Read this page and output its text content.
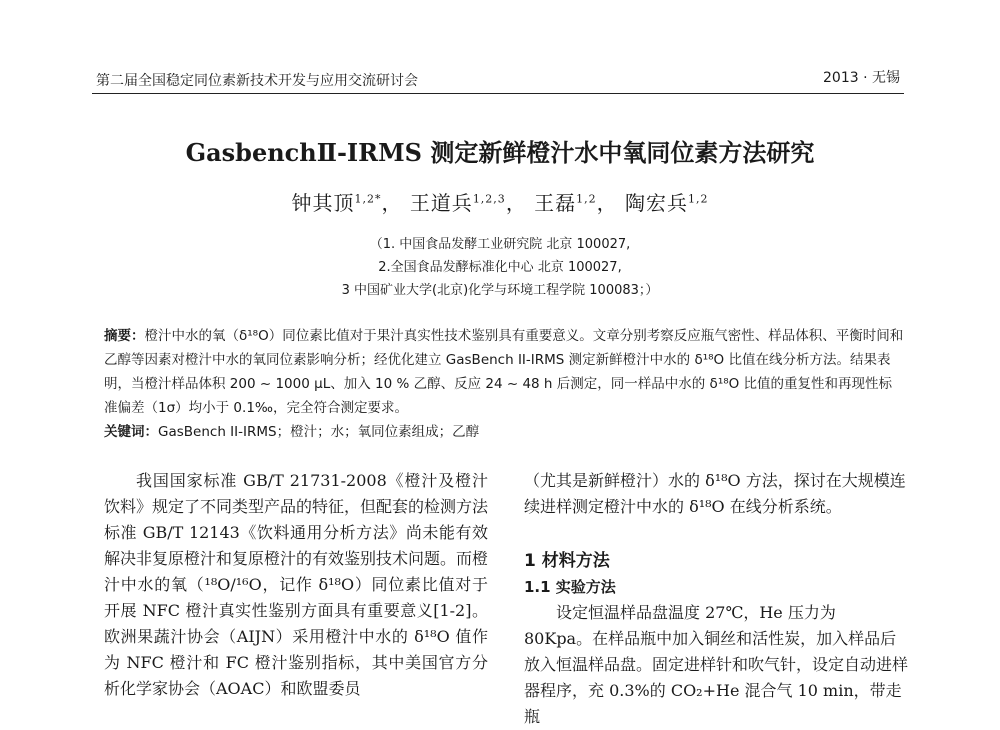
第二届全国稳定同位素新技术开发与应用交流研讨会	2013 · 无锡
GasbenchⅡ-IRMS 测定新鲜橙汁水中氧同位素方法研究
钟其顶$^{1,2*}$， 王道兵$^{1,2,3}$， 王磊$^{1,2}$， 陶宏兵$^{1,2}$
（1. 中国食品发酵工业研究院 北京 100027,
2.全国食品发酵标准化中心 北京 100027,
3 中国矿业大学(北京)化学与环境工程学院 100083；）

摘要：橙汁中水的氧（δ¹⁸O）同位素比值对于果汁真实性技术鉴别具有重要意义。文章分别考察反应瓶气密性、样品体积、平衡时间和乙醇等因素对橙汁中水的氧同位素影响分析；经优化建立 GasBench II-IRMS 测定新鲜橙汁中水的 δ¹⁸O 比值在线分析方法。结果表明，当橙汁样品体积 200 ~ 1000 μL、加入 10 % 乙醇、反应 24 ~ 48 h 后测定，同一样品中水的 δ¹⁸O 比值的重复性和再现性标准偏差（1σ）均小于 0.1‰，完全符合测定要求。

关键词：GasBench II-IRMS；橙汁；水；氧同位素组成；乙醇

我国国家标准 GB/T 21731-2008《橙汁及橙汁饮料》规定了不同类型产品的特征，但配套的检测方法标准 GB/T 12143《饮料通用分析方法》尚未能有效解决非复原橙汁和复原橙汁的有效鉴别技术问题。而橙汁中水的氧（¹⁸O/¹⁶O，记作 δ¹⁸O）同位素比值对于开展 NFC 橙汁真实性鉴别方面具有重要意义[1-2]。欧洲果蔬汁协会（AIJN）采用橙汁中水的 δ¹⁸O 值作为 NFC 橙汁和 FC 橙汁鉴别指标，其中美国官方分析化学家协会（AOAC）和欧盟委员

（尤其是新鲜橙汁）水的 δ¹⁸O 方法，探讨在大规模连续进样测定橙汁中水的 δ¹⁸O 在线分析系统。

1 材料方法

1.1 实验方法

设定恒温样品盘温度 27℃，He 压力为 80Kpa。在样品瓶中加入铜丝和活性炭，加入样品后放入恒温样品盘。固定进样针和吹气针，设定自动进样器程序，充 0.3%的 CO₂+He 混合气 10 min，带走瓶
